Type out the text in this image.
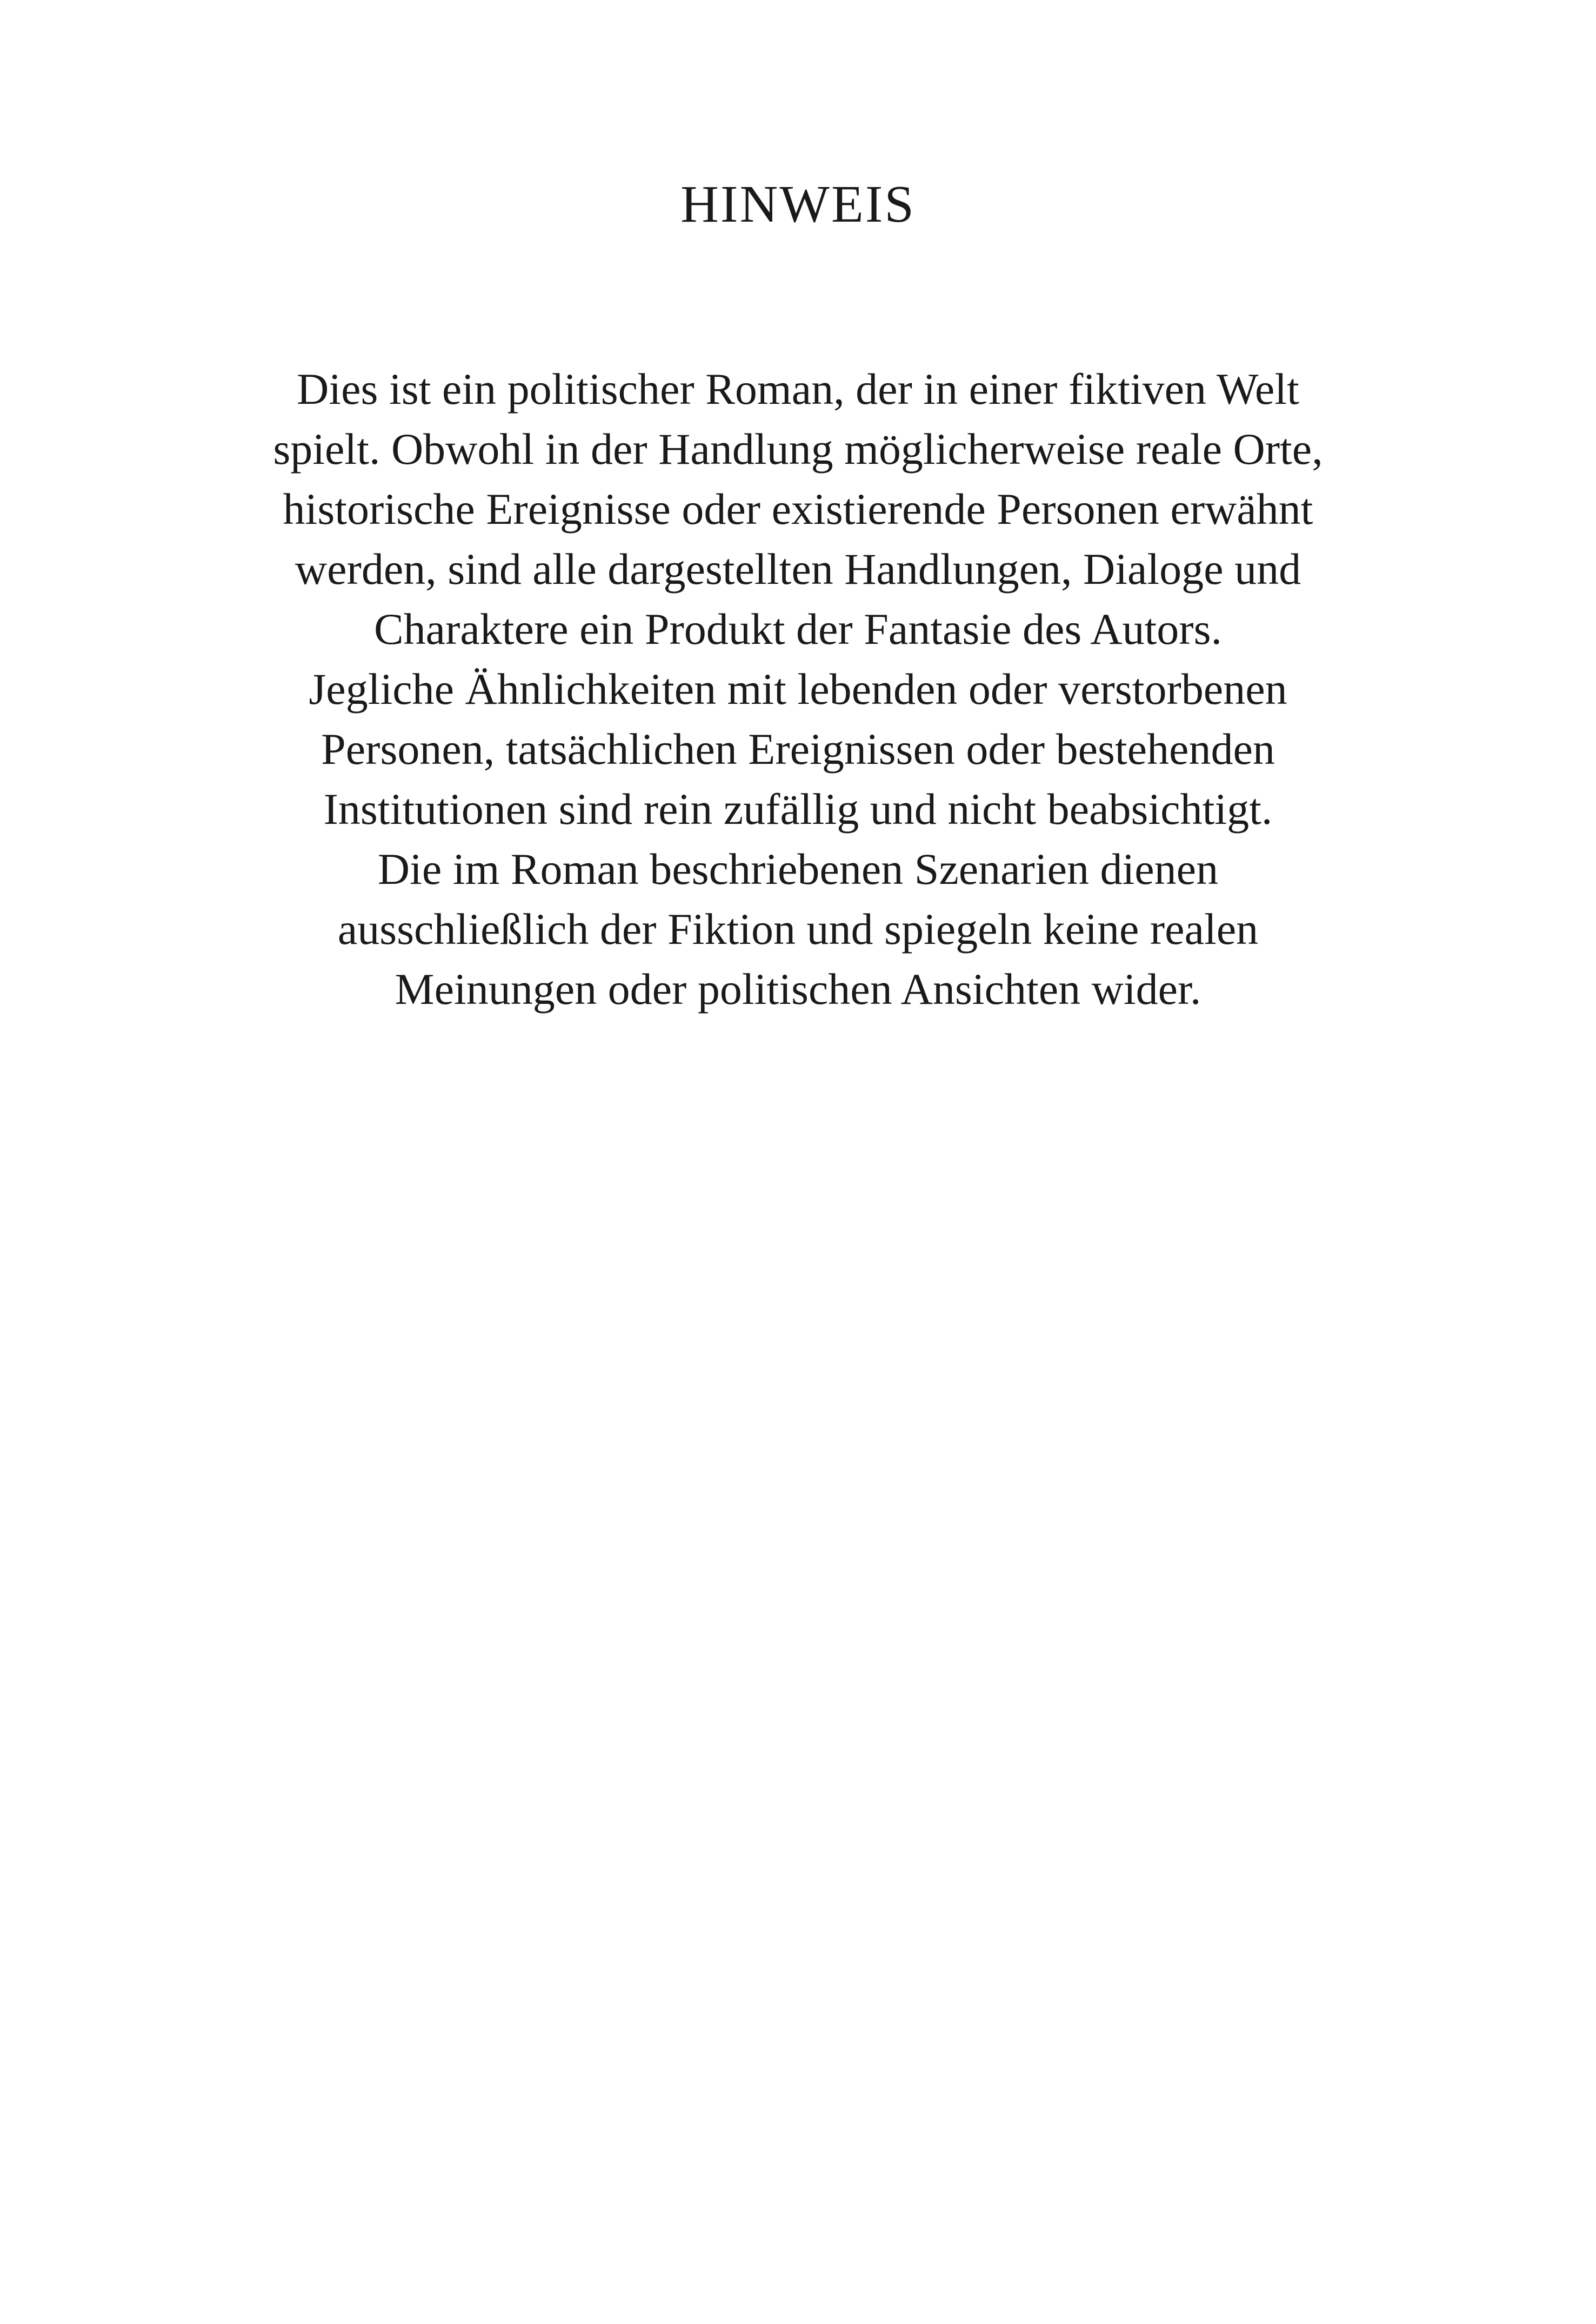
HINWEIS
Dies ist ein politischer Roman, der in einer fiktiven Welt
spielt. Obwohl in der Handlung möglicherweise reale Orte,
historische Ereignisse oder existierende Personen erwähnt
werden, sind alle dargestellten Handlungen, Dialoge und
Charaktere ein Produkt der Fantasie des Autors.
Jegliche Ähnlichkeiten mit lebenden oder verstorbenen
Personen, tatsächlichen Ereignissen oder bestehenden
Institutionen sind rein zufällig und nicht beabsichtigt.
Die im Roman beschriebenen Szenarien dienen
ausschließlich der Fiktion und spiegeln keine realen
Meinungen oder politischen Ansichten wider.
